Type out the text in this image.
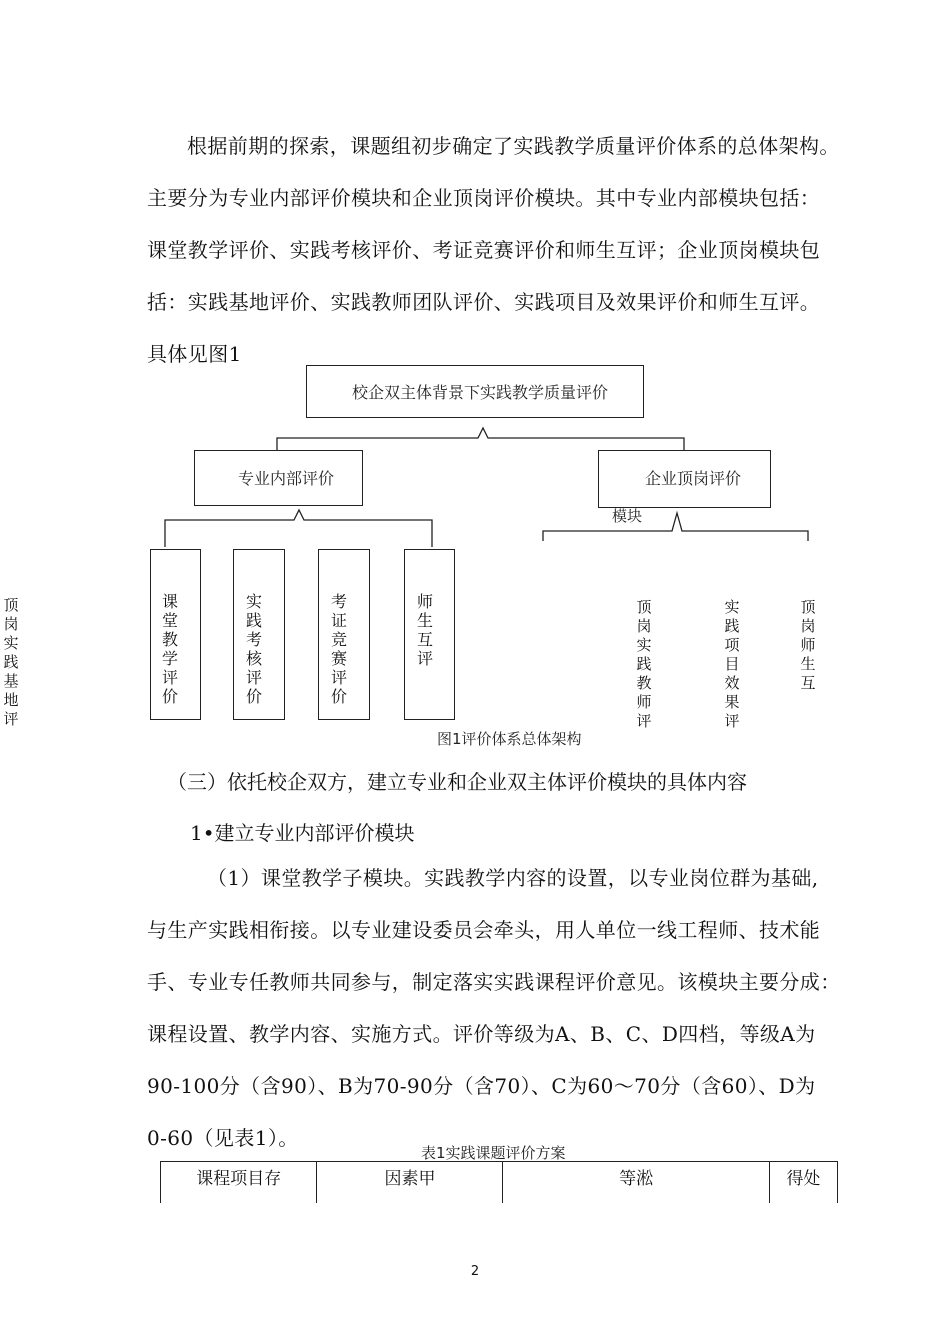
根据前期的探索，课题组初步确定了实践教学质量评价体系的总体架构。
主要分为专业内部评价模块和企业顶岗评价模块。其中专业内部模块包括：
课堂教学评价、实践考核评价、考证竞赛评价和师生互评；企业顶岗模块包
括：实践基地评价、实践教师团队评价、实践项目及效果评价和师生互评。
具体见图1
顶岗实践基地评
校企双主体背景下实践教学质量评价
专业内部评价	企业顶岗评价
模块
课堂教学评价
实践考核评价
考证竞赛评价
师生互评
顶岗实践教师评
实践项目效果评
顶岗师生互
图1评价体系总体架构
（三）依托校企双方，建立专业和企业双主体评价模块的具体内容
1•建立专业内部评价模块
（1）课堂教学子模块。实践教学内容的设置，以专业岗位群为基础,
与生产实践相衔接。以专业建设委员会牵头，用人单位一线工程师、技术能
手、专业专任教师共同参与，制定落实实践课程评价意见。该模块主要分成：
课程设置、教学内容、实施方式。评价等级为A、B、C、D四档，等级A为
90-100分（含90）、B为70-90分（含70）、C为60〜70分（含60）、D为
0-60（见表1）。
表1实践课题评价方案
课程项目存	因素甲	等淞	得处
2
